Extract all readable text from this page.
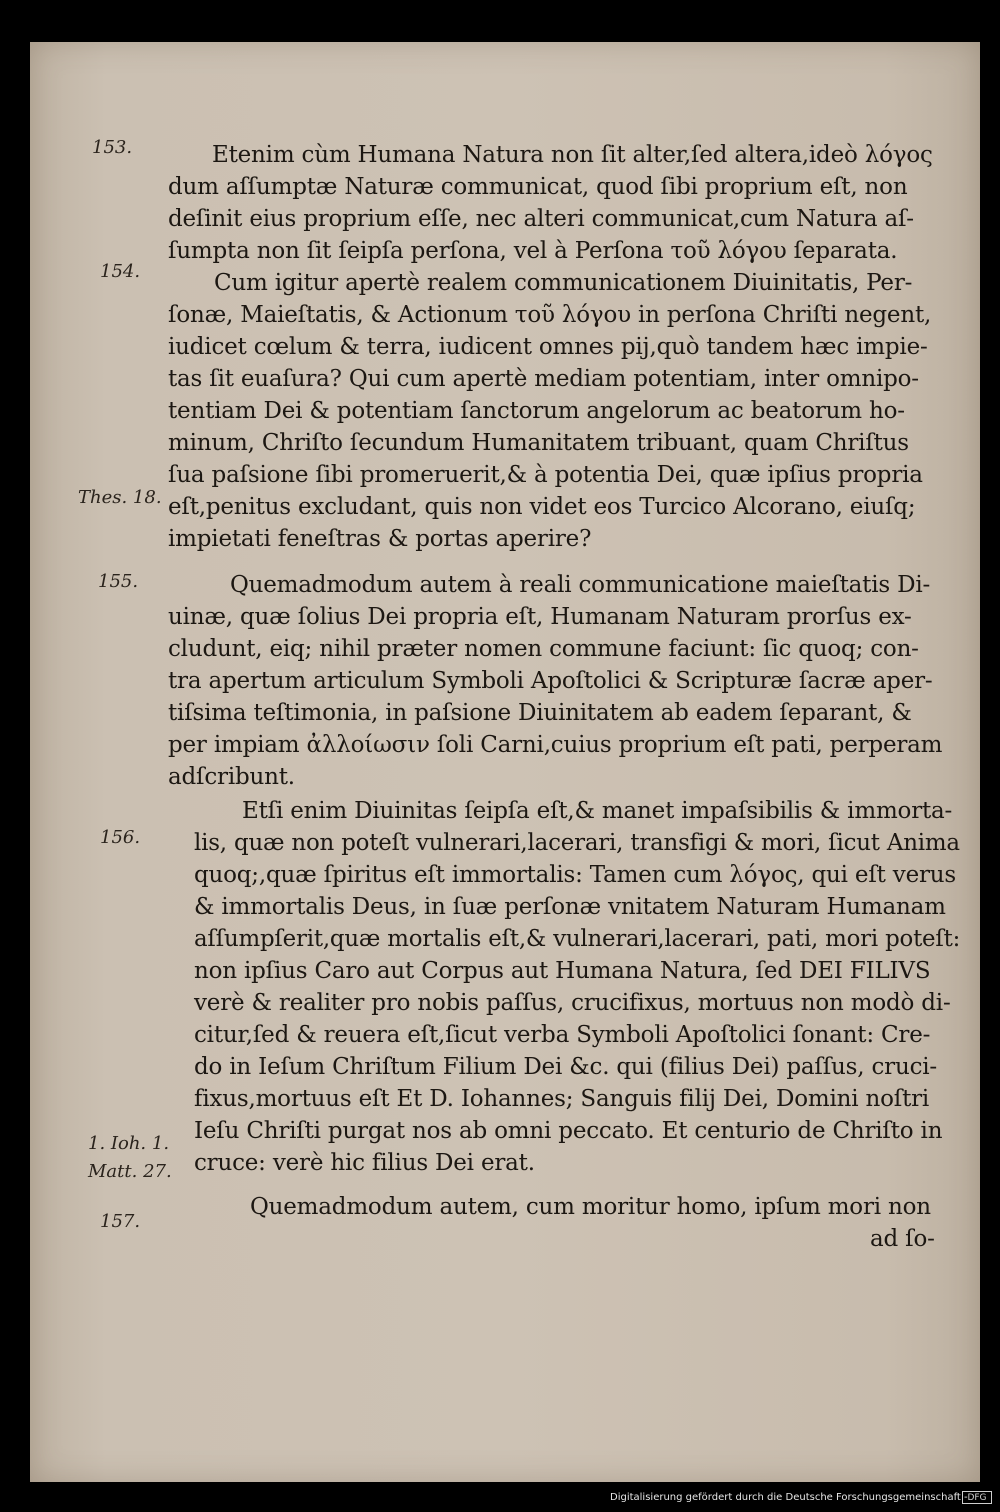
153.
154.
Thes. 18.
155.
156.
1. Ioh. 1.
Matt. 27.
157.
Etenim cùm Humana Natura non ſit alter,ſed altera,ideò λόγος
dum aſſumptæ Naturæ communicat, quod ſibi proprium eſt, non
deſinit eius proprium eſſe, nec alteri communicat,cum Natura aſ-
ſumpta non ſit ſeipſa perſona, vel à Perſona τοῦ λόγου ſeparata.
Cum igitur apertè realem communicationem Diuinitatis, Per-
ſonæ, Maieſtatis, & Actionum τοῦ λόγου in perſona Chriſti negent,
iudicet cœlum & terra, iudicent omnes pij,quò tandem hæc impie-
tas ſit euaſura? Qui cum apertè mediam potentiam, inter omnipo-
tentiam Dei & potentiam ſanctorum angelorum ac beatorum ho-
minum, Chriſto ſecundum Humanitatem tribuant, quam Chriſtus
ſua paſsione ſibi promeruerit,& à potentia Dei, quæ ipſius propria
eſt,penitus excludant, quis non videt eos Turcico Alcorano, eiuſq;
impietati feneſtras & portas aperire?
Quemadmodum autem à reali communicatione maieſtatis Di-
uinæ, quæ ſolius Dei propria eſt, Humanam Naturam prorſus ex-
cludunt, eiq; nihil præter nomen commune faciunt: ſic quoq; con-
tra apertum articulum Symboli Apoſtolici & Scripturæ ſacræ aper-
tiſsima teſtimonia, in paſsione Diuinitatem ab eadem ſeparant, &
per impiam ἀλλοίωσιν ſoli Carni,cuius proprium eſt pati, perperam
adſcribunt.
Etſi enim Diuinitas ſeipſa eſt,& manet impaſsibilis & immorta-
lis, quæ non poteſt vulnerari,lacerari, transfigi & mori, ſicut Anima
quoq;,quæ ſpiritus eſt immortalis: Tamen cum λόγος, qui eſt verus
& immortalis Deus, in ſuæ perſonæ vnitatem Naturam Humanam
aſſumpſerit,quæ mortalis eſt,& vulnerari,lacerari, pati, mori poteſt:
non ipſius Caro aut Corpus aut Humana Natura, ſed DEI FILIVS
verè & realiter pro nobis paſſus, crucifixus, mortuus non modò di-
citur,ſed & reuera eſt,ſicut verba Symboli Apoſtolici ſonant: Cre-
do in Ieſum Chriſtum Filium Dei &c. qui (filius Dei) paſſus, cruci-
fixus,mortuus eſt Et D. Iohannes; Sanguis filij Dei, Domini noſtri
Ieſu Chriſti purgat nos ab omni peccato. Et centurio de Chriſto in
cruce: verè hic filius Dei erat.
Quemadmodum autem, cum moritur homo, ipſum mori non
ad ſo-
Digitalisierung gefördert durch die Deutsche Forschungsgemeinschaft - DFG
